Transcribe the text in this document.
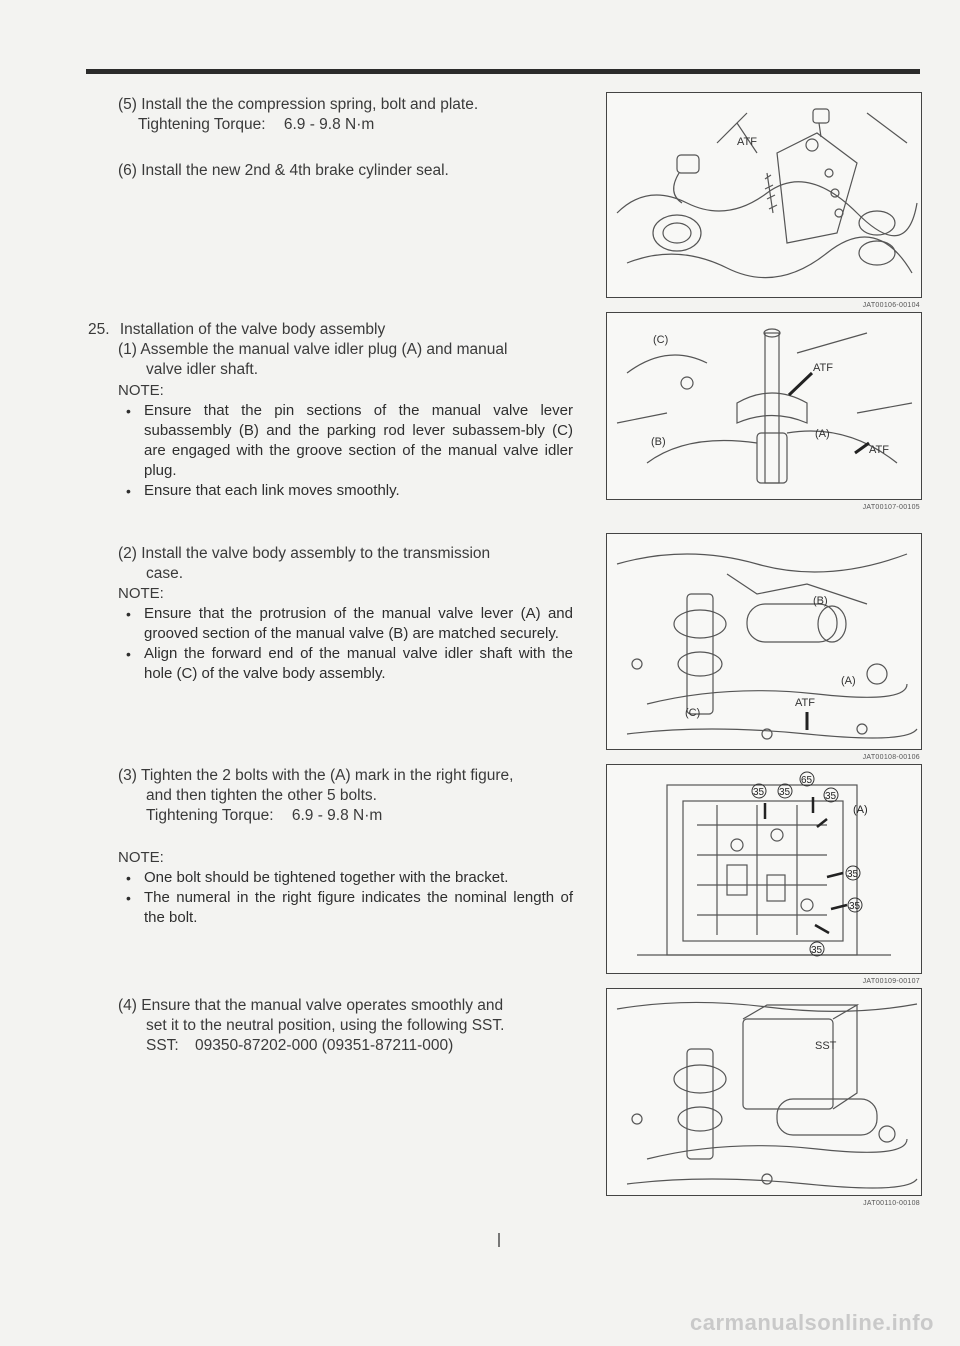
(5) Install the the compression spring, bolt and plate.
Tightening Torque: 6.9 - 9.8 N·m
(6) Install the new 2nd & 4th brake cylinder seal.
25. Installation of the valve body assembly
(1) Assemble the manual valve idler plug (A) and manual
valve idler shaft.
NOTE:
• Ensure that the pin sections of the manual valve lever subassembly (B) and the parking rod lever subassem-bly (C) are engaged with the groove section of the manual valve idler plug.
• Ensure that each link moves smoothly.
(2) Install the valve body assembly to the transmission
case.
NOTE:
• Ensure that the protrusion of the manual valve lever (A) and grooved section of the manual valve (B) are matched securely.
• Align the forward end of the manual valve idler shaft with the hole (C) of the valve body assembly.
(3) Tighten the 2 bolts with the (A) mark in the right figure,
and then tighten the other 5 bolts.
Tightening Torque: 6.9 - 9.8 N·m
NOTE:
• One bolt should be tightened together with the bracket.
• The numeral in the right figure indicates the nominal length of the bolt.
(4) Ensure that the manual valve operates smoothly and
set it to the neutral position, using the following SST.
SST: 09350-87202-000 (09351-87211-000)
ATF
JAT00106-00104
(C)
ATF
(A)
(B)
ATF
JAT00107-00105
(B)
(A)
ATF
(C)
JAT00108-00106
35 35
65
35
(A)
35
35
35
JAT00109-00107
SST
JAT00110-00108
carmanualsonline.info
